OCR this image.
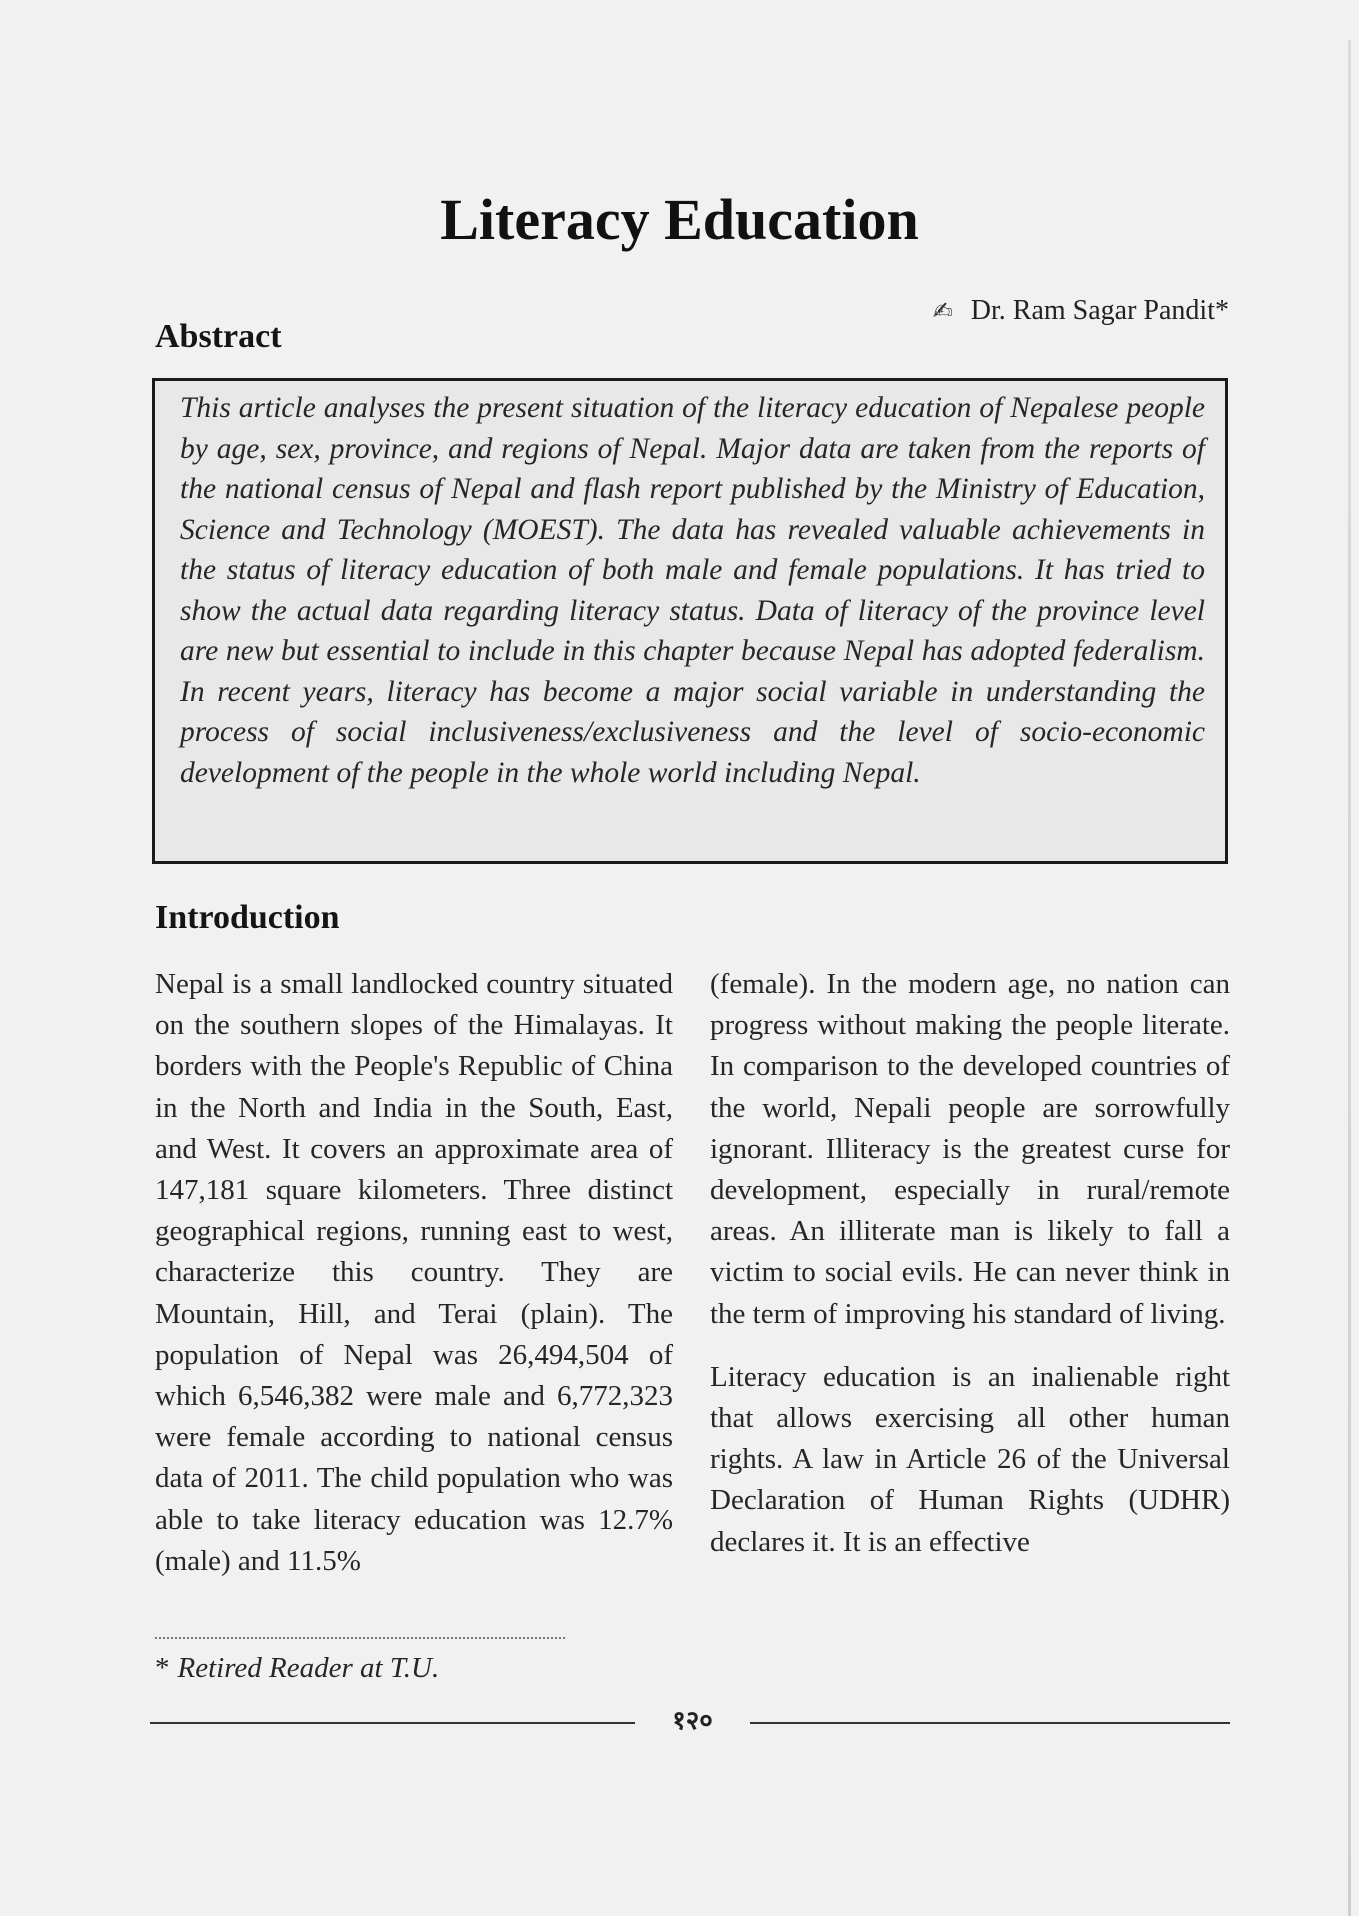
Literacy Education
✍︎ Dr. Ram Sagar Pandit*
Abstract

This article analyses the present situation of the literacy education of Nepalese people by age, sex, province, and regions of Nepal. Major data are taken from the reports of the national census of Nepal and flash report published by the Ministry of Education, Science and Technology (MOEST). The data has revealed valuable achievements in the status of literacy education of both male and female populations. It has tried to show the actual data regarding literacy status. Data of literacy of the province level are new but essential to include in this chapter because Nepal has adopted federalism. In recent years, literacy has become a major social variable in understanding the process of social inclusiveness/exclusiveness and the level of socio-economic development of the people in the whole world including Nepal.

Introduction

Nepal is a small landlocked country situated on the southern slopes of the Himalayas. It borders with the People's Republic of China in the North and India in the South, East, and West. It covers an approximate area of 147,181 square kilometers. Three distinct geographical regions, running east to west, characterize this country. They are Mountain, Hill, and Terai (plain). The population of Nepal was 26,494,504 of which 6,546,382 were male and 6,772,323 were female according to national census data of 2011. The child population who was able to take literacy education was 12.7% (male) and 11.5%

(female). In the modern age, no nation can progress without making the people literate. In comparison to the developed countries of the world, Nepali people are sorrowfully ignorant. Illiteracy is the greatest curse for development, especially in rural/remote areas. An illiterate man is likely to fall a victim to social evils. He can never think in the term of improving his standard of living.

Literacy education is an inalienable right that allows exercising all other human rights. A law in Article 26 of the Universal Declaration of Human Rights (UDHR) declares it. It is an effective

* Retired Reader at T.U.
१२०
